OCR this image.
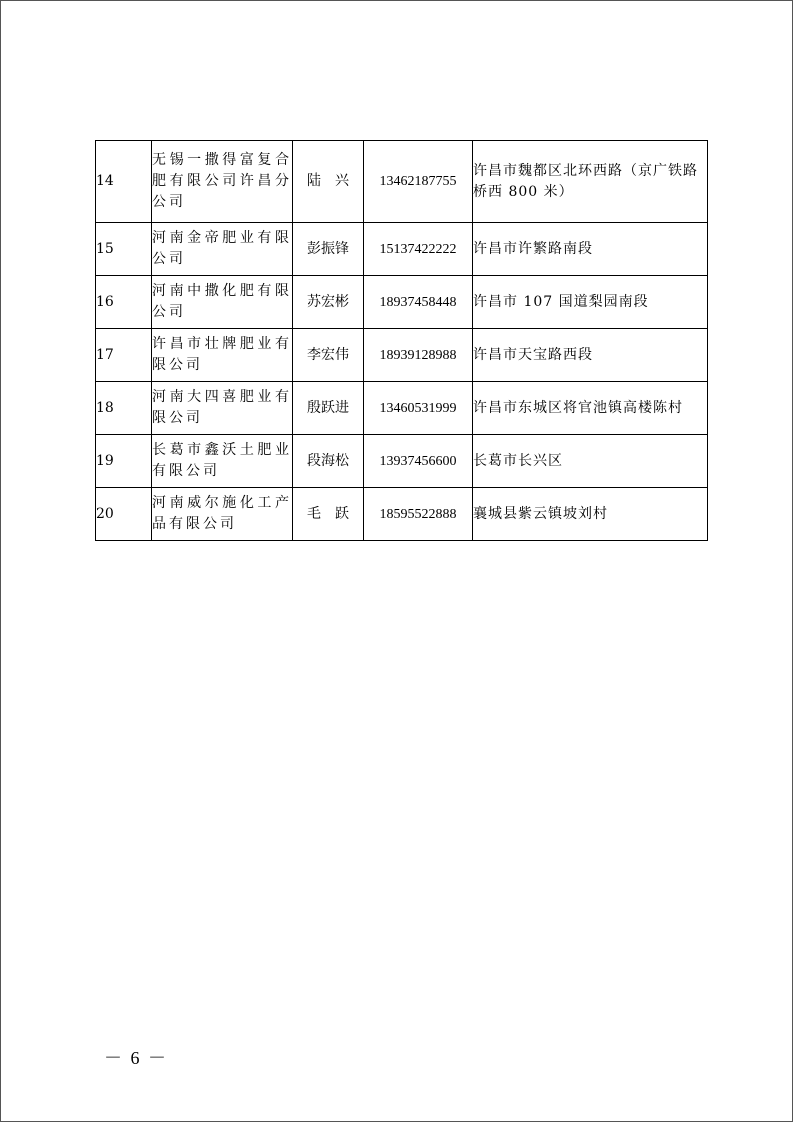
14	无锡一撒得富复合肥有限公司许昌分公司	陆　兴	13462187755	许昌市魏都区北环西路（京广铁路桥西 800 米）
15	河南金帝肥业有限公司	彭振锋	15137422222	许昌市许繁路南段
16	河南中撒化肥有限公司	苏宏彬	18937458448	许昌市 107 国道梨园南段
17	许昌市壮牌肥业有限公司	李宏伟	18939128988	许昌市天宝路西段
18	河南大四喜肥业有限公司	殷跃进	13460531999	许昌市东城区将官池镇高楼陈村
19	长葛市鑫沃土肥业有限公司	段海松	13937456600	长葛市长兴区
20	河南威尔施化工产品有限公司	毛　跃	18595522888	襄城县紫云镇坡刘村
－ 6 －
